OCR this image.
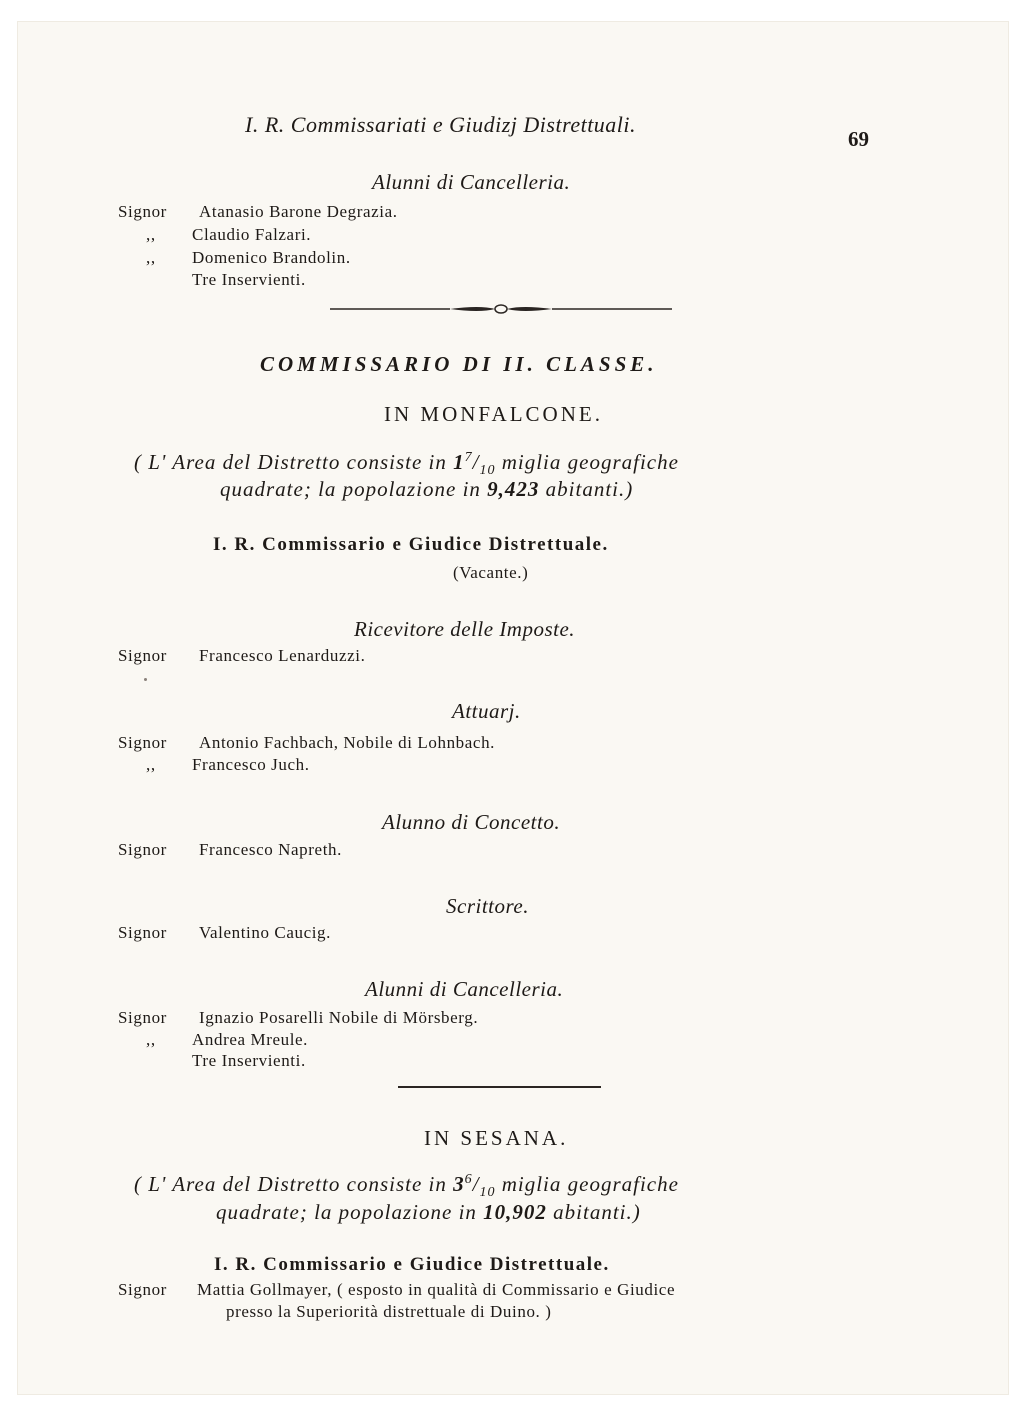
I. R. Commissariati e Giudizj Distrettuali.
69
Alunni di Cancelleria.
Signor Atanasio Barone Degrazia.
,, Claudio Falzari.
,, Domenico Brandolin.
Tre Inservienti.
COMMISSARIO DI II. CLASSE.
IN MONFALCONE.
( L' Area del Distretto consiste in $1^7/_{10}$ miglia geografiche
quadrate; la popolazione in 9,423 abitanti.)
I. R. Commissario e Giudice Distrettuale.
(Vacante.)
Ricevitore delle Imposte.
Signor Francesco Lenarduzzi.
Attuarj.
Signor Antonio Fachbach, Nobile di Lohnbach.
,, Francesco Juch.
Alunno di Concetto.
Signor Francesco Napreth.
Scrittore.
Signor Valentino Caucig.
Alunni di Cancelleria.
Signor Ignazio Posarelli Nobile di Mörsberg.
,, Andrea Mreule.
Tre Inservienti.
IN SESANA.
( L' Area del Distretto consiste in $3^6/_{10}$ miglia geografiche
quadrate; la popolazione in 10,902 abitanti.)
I. R. Commissario e Giudice Distrettuale.
Signor Mattia Gollmayer, ( esposto in qualità di Commissario e Giudice
presso la Superiorità distrettuale di Duino. )
